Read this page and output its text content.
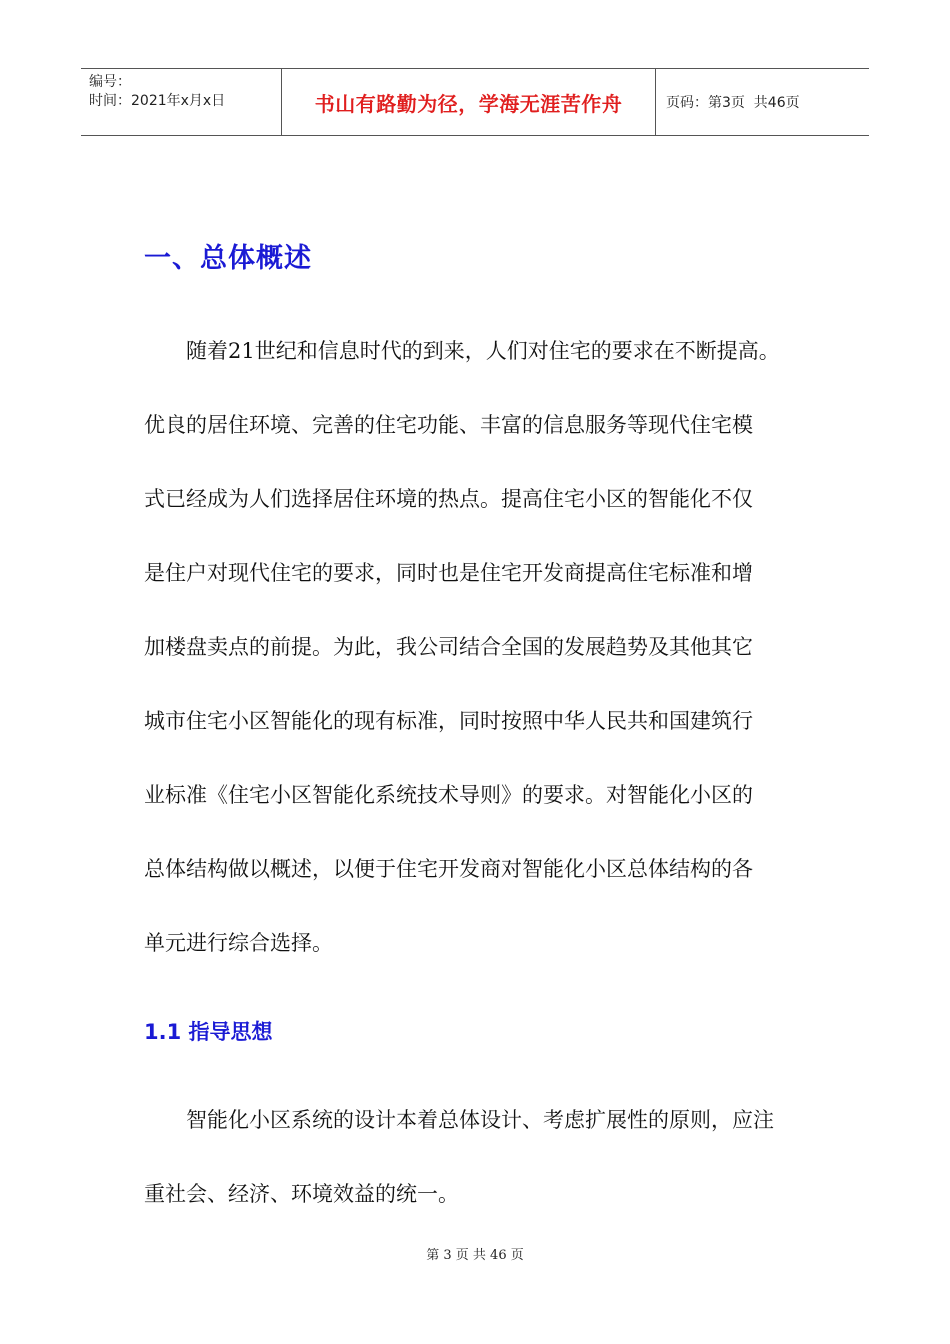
编号：
时间：2021年x月x日	书山有路勤为径，学海无涯苦作舟	页码：第3页  共46页
一、总体概述
随着21世纪和信息时代的到来，人们对住宅的要求在不断提高。
优良的居住环境、完善的住宅功能、丰富的信息服务等现代住宅模
式已经成为人们选择居住环境的热点。提高住宅小区的智能化不仅
是住户对现代住宅的要求，同时也是住宅开发商提高住宅标准和增
加楼盘卖点的前提。为此，我公司结合全国的发展趋势及其他其它
城市住宅小区智能化的现有标准，同时按照中华人民共和国建筑行
业标准《住宅小区智能化系统技术导则》的要求。对智能化小区的
总体结构做以概述，以便于住宅开发商对智能化小区总体结构的各
单元进行综合选择。
1.1 指导思想
智能化小区系统的设计本着总体设计、考虑扩展性的原则，应注
重社会、经济、环境效益的统一。
第 3 页 共 46 页
